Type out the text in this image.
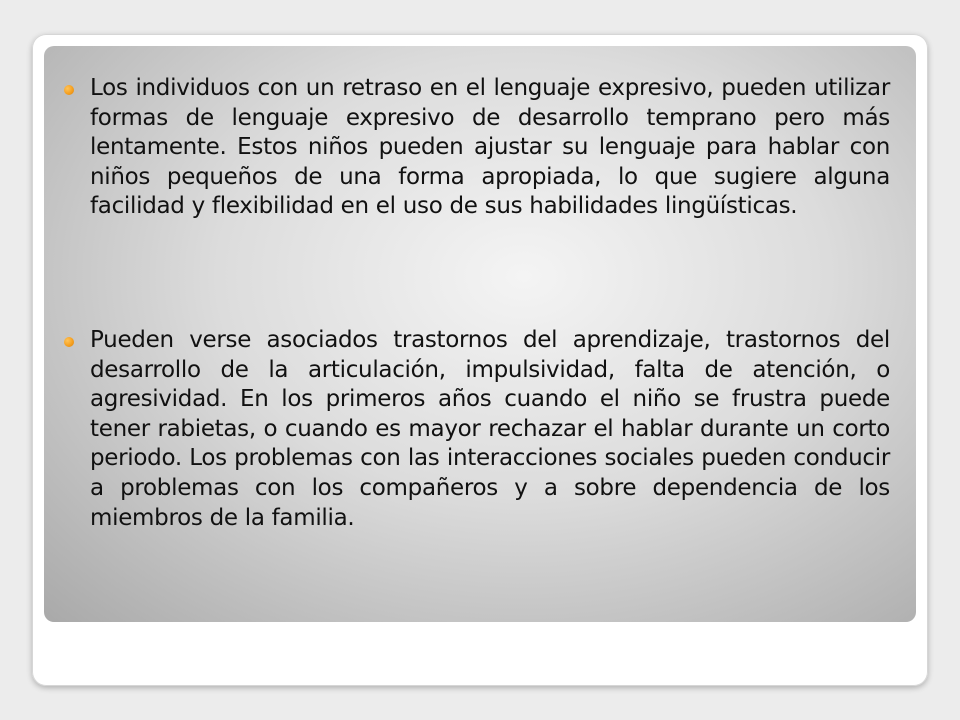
Los individuos con un retraso en el lenguaje expresivo, pueden utilizar formas de lenguaje expresivo de desarrollo temprano pero más lentamente. Estos niños pueden ajustar su lenguaje para hablar con niños pequeños de una forma apropiada, lo que sugiere alguna facilidad y flexibilidad en el uso de sus habilidades lingüísticas.
Pueden verse asociados trastornos del aprendizaje, trastornos del desarrollo de la articulación, impulsividad, falta de atención, o agresividad. En los primeros años cuando el niño se frustra puede tener rabietas, o cuando es mayor rechazar el hablar durante un corto periodo. Los problemas con las interacciones sociales pueden conducir a problemas con los compañeros y a sobre dependencia de los miembros de la familia.
